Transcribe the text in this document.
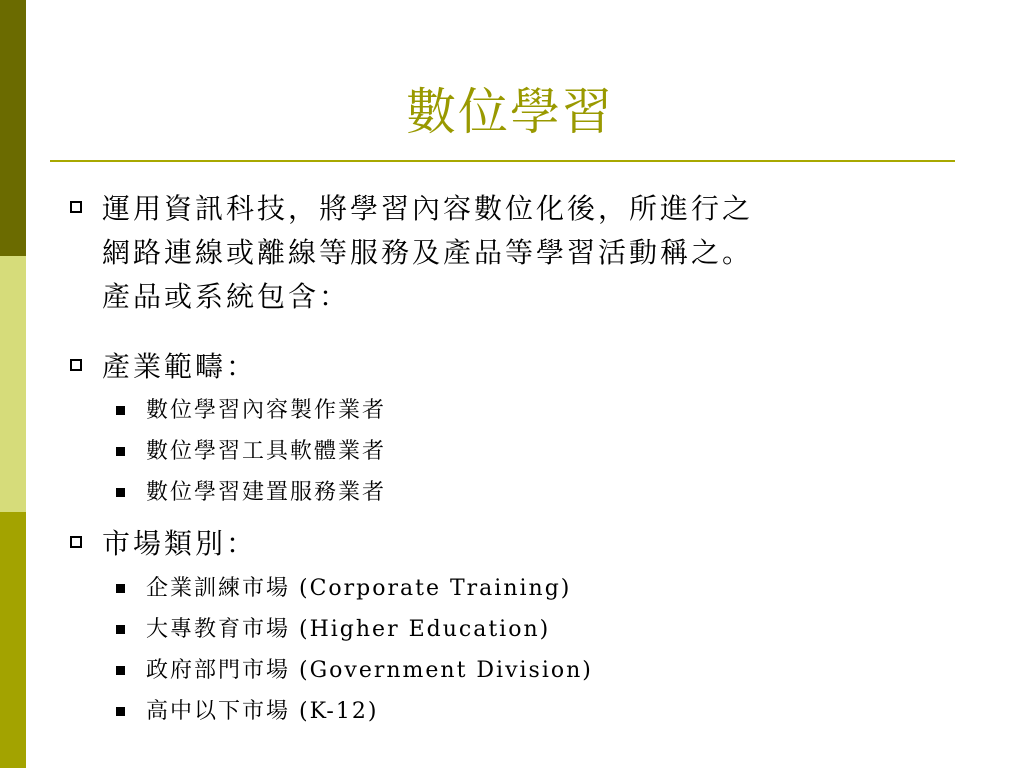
數位學習
運用資訊科技，將學習內容數位化後，所進行之
網路連線或離線等服務及產品等學習活動稱之。
產品或系統包含：
產業範疇：
數位學習內容製作業者
數位學習工具軟體業者
數位學習建置服務業者
市場類別：
企業訓練市場 (Corporate Training)
大專教育市場 (Higher Education)
政府部門市場 (Government Division)
高中以下市場 (K-12)
